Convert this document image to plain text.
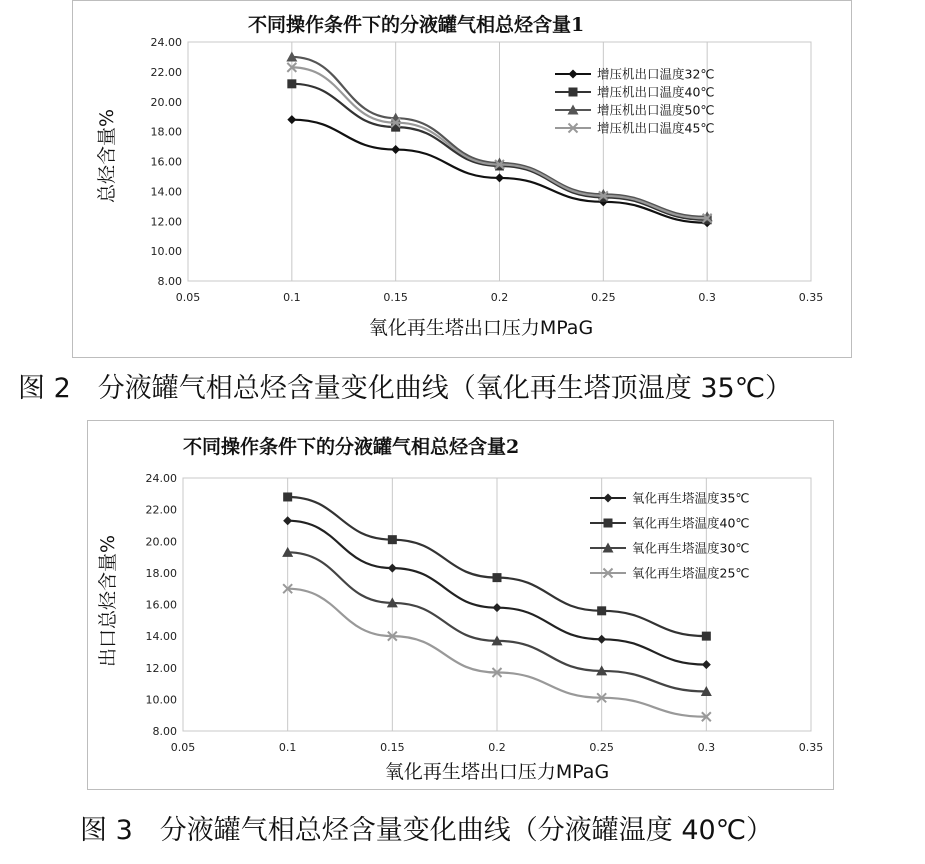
0.05	0.1	0.15	0.2	0.25	0.3	0.35
8.00
10.00
12.00
14.00
16.00
18.00
20.00
22.00
24.00
不同操作条件下的分液罐气相总烃含量1
氧化再生塔出口压力MPaG
总烃含量%
增压机出口温度32℃
增压机出口温度40℃
增压机出口温度50℃
增压机出口温度45℃
图 2　分液罐气相总烃含量变化曲线（氧化再生塔顶温度 35℃）
0.05	0.1	0.15	0.2	0.25	0.3	0.35
8.00
10.00
12.00
14.00
16.00
18.00
20.00
22.00
24.00
不同操作条件下的分液罐气相总烃含量2
氧化再生塔出口压力MPaG
出口总烃含量%
氧化再生塔温度35℃
氧化再生塔温度40℃
氧化再生塔温度30℃
氧化再生塔温度25℃
图 3　分液罐气相总烃含量变化曲线（分液罐温度 40℃）
